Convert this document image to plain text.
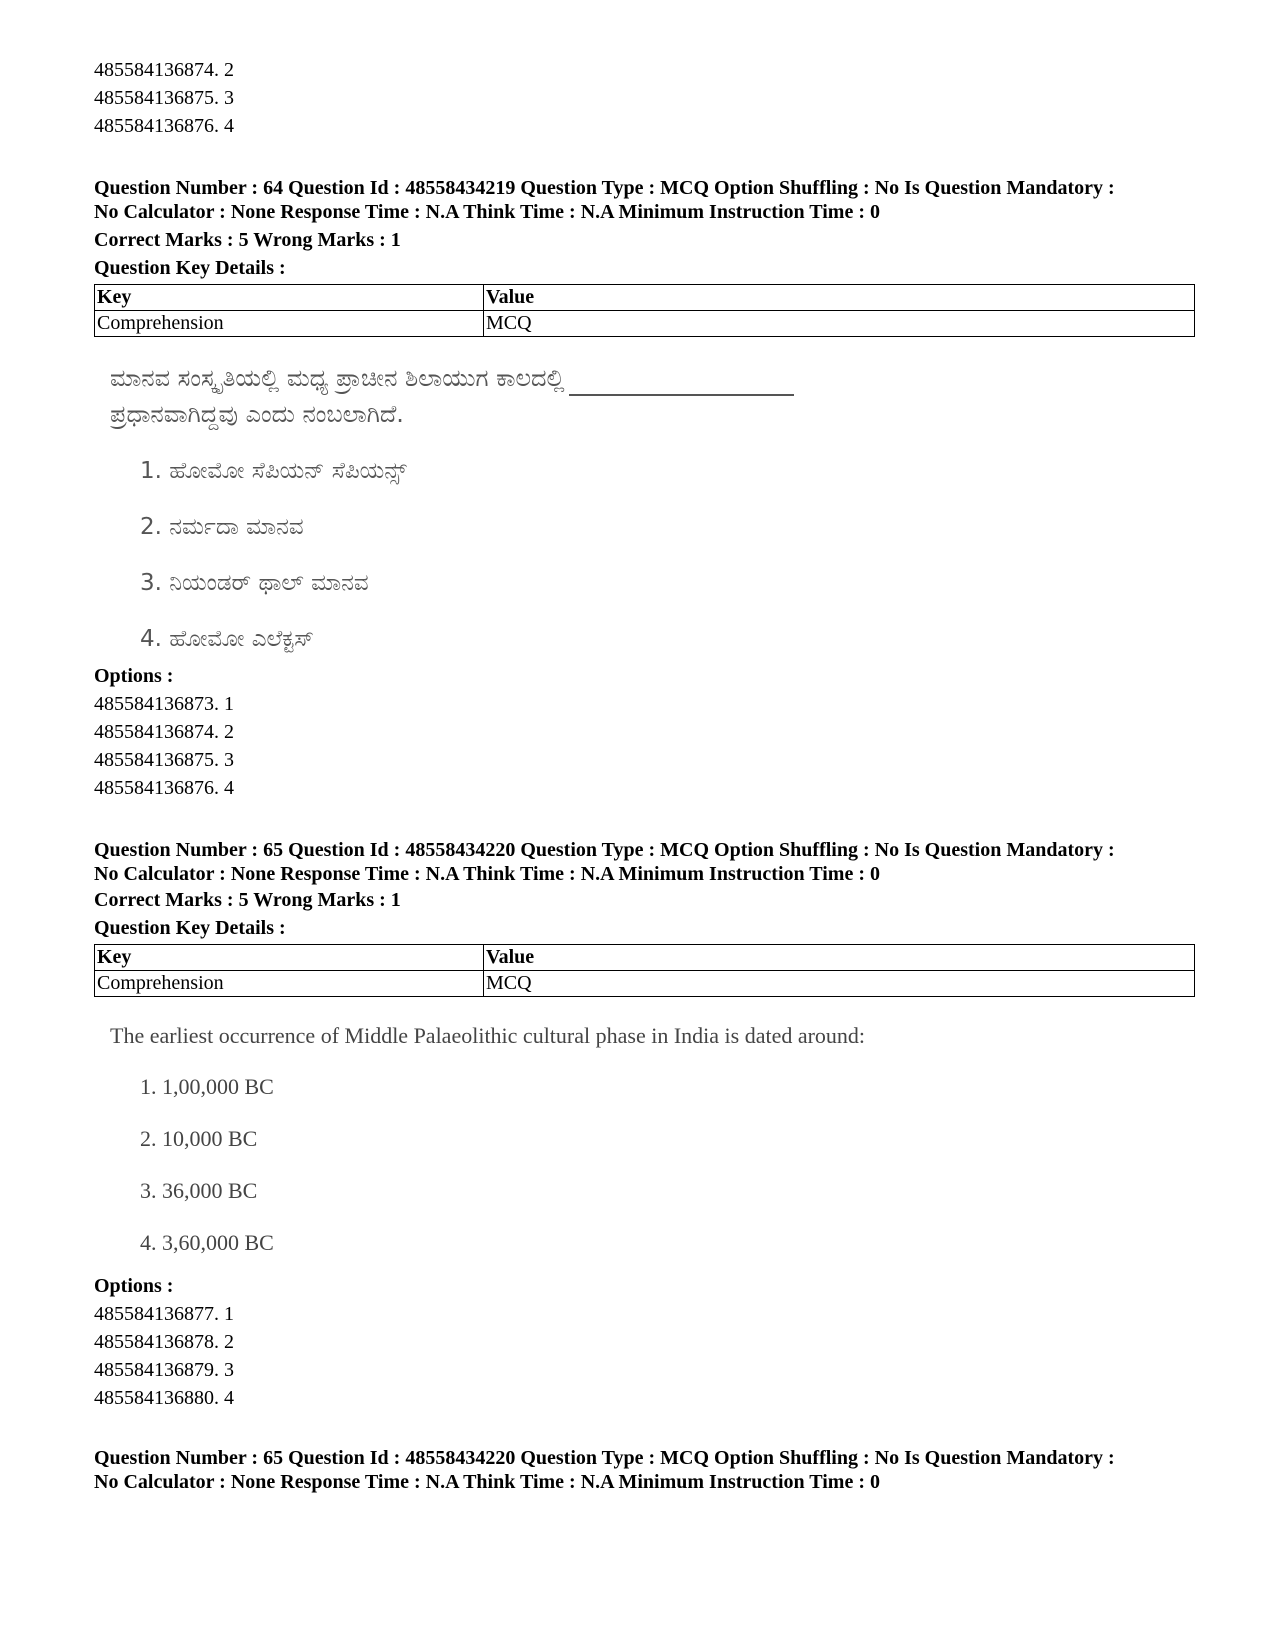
485584136874. 2
485584136875. 3
485584136876. 4
Question Number : 64 Question Id : 48558434219 Question Type : MCQ Option Shuffling : No Is Question Mandatory :
No Calculator : None Response Time : N.A Think Time : N.A Minimum Instruction Time : 0
Correct Marks : 5 Wrong Marks : 1
Question Key Details :
Key	Value
Comprehension	MCQ
ಮಾನವ ಸಂಸ್ಕೃತಿಯಲ್ಲಿ ಮಧ್ಯ ಪ್ರಾಚೀನ ಶಿಲಾಯುಗ ಕಾಲದಲ್ಲಿ
ಪ್ರಧಾನವಾಗಿದ್ದವು ಎಂದು ನಂಬಲಾಗಿದೆ.
1. ಹೋಮೋ ಸೆಪಿಯನ್ ಸೆಪಿಯನ್ಸ್
2. ನರ್ಮದಾ ಮಾನವ
3. ನಿಯಂಡರ್ ಥಾಲ್ ಮಾನವ
4. ಹೋಮೋ ಎಲೆಕ್ಟಸ್
Options :
485584136873. 1
485584136874. 2
485584136875. 3
485584136876. 4
Question Number : 65 Question Id : 48558434220 Question Type : MCQ Option Shuffling : No Is Question Mandatory :
No Calculator : None Response Time : N.A Think Time : N.A Minimum Instruction Time : 0
Correct Marks : 5 Wrong Marks : 1
Question Key Details :
Key	Value
Comprehension	MCQ
The earliest occurrence of Middle Palaeolithic cultural phase in India is dated around:
1. 1,00,000 BC
2. 10,000 BC
3. 36,000 BC
4. 3,60,000 BC
Options :
485584136877. 1
485584136878. 2
485584136879. 3
485584136880. 4
Question Number : 65 Question Id : 48558434220 Question Type : MCQ Option Shuffling : No Is Question Mandatory :
No Calculator : None Response Time : N.A Think Time : N.A Minimum Instruction Time : 0
